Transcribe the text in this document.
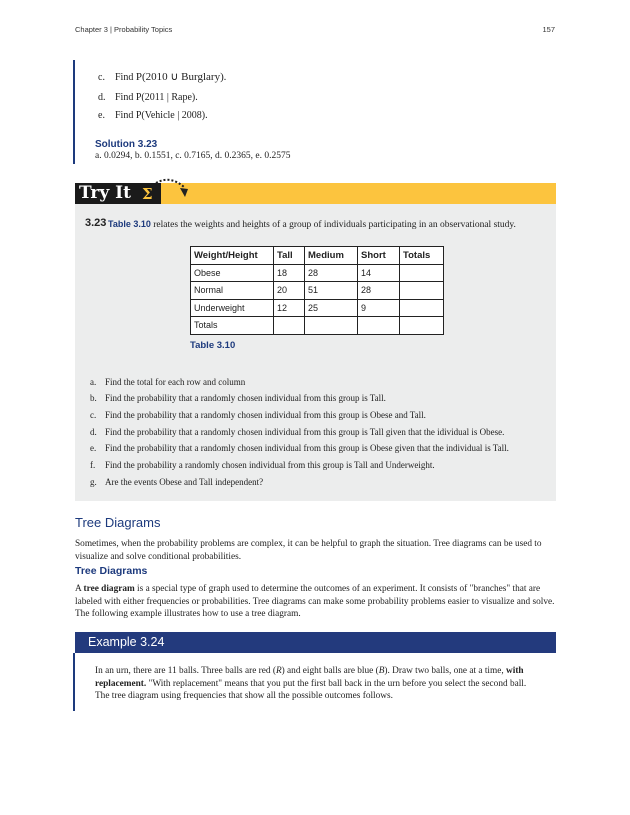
Chapter 3 | Probability Topics	157
c. Find P(2010 ∪ Burglary).
d. Find P(2011 | Rape).
e. Find P(Vehicle | 2008).
Solution 3.23
a. 0.0294, b. 0.1551, c. 0.7165, d. 0.2365, e. 0.2575
Try It Σ
3.23 Table 3.10 relates the weights and heights of a group of individuals participating in an observational study.
Weight/Height	Tall	Medium	Short	Totals
Obese	18	28	14	
Normal	20	51	28	
Underweight	12	25	9	
Totals				
Table 3.10
a. Find the total for each row and column
b. Find the probability that a randomly chosen individual from this group is Tall.
c. Find the probability that a randomly chosen individual from this group is Obese and Tall.
d. Find the probability that a randomly chosen individual from this group is Tall given that the idividual is Obese.
e. Find the probability that a randomly chosen individual from this group is Obese given that the individual is Tall.
f. Find the probability a randomly chosen individual from this group is Tall and Underweight.
g. Are the events Obese and Tall independent?
Tree Diagrams
Sometimes, when the probability problems are complex, it can be helpful to graph the situation. Tree diagrams can be used to visualize and solve conditional probabilities.
Tree Diagrams
A tree diagram is a special type of graph used to determine the outcomes of an experiment. It consists of "branches" that are labeled with either frequencies or probabilities. Tree diagrams can make some probability problems easier to visualize and solve. The following example illustrates how to use a tree diagram.
Example 3.24
In an urn, there are 11 balls. Three balls are red (R) and eight balls are blue (B). Draw two balls, one at a time, with replacement. "With replacement" means that you put the first ball back in the urn before you select the second ball. The tree diagram using frequencies that show all the possible outcomes follows.
